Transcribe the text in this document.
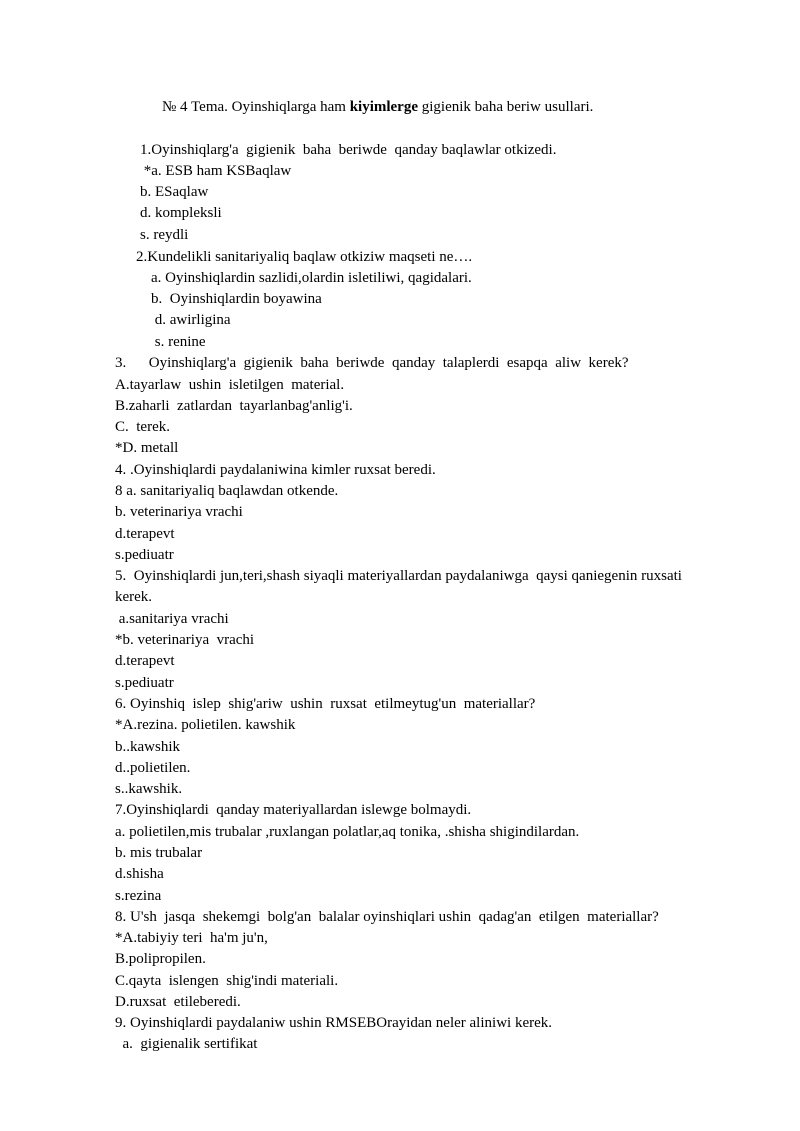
№ 4 Tema. Oyinshiqlarga ham kiyimlerge gigienik baha beriw usullari.
1.Oyinshiqlarg'a  gigienik  baha  beriwde  qanday baqlawlar otkizedi.
*a. ESB ham KSBaqlaw
b. ESaqlaw
d. kompleksli
s. reydli
2.Kundelikli sanitariyaliq baqlaw otkiziw maqseti ne….
a. Oyinshiqlardin sazlidi,olardin isletiliwi, qagidalari.
b.  Oyinshiqlardin boyawina
d. awirligina
s. renine
3.      Oyinshiqlarg'a  gigienik  baha  beriwde  qanday  talaplerdi  esapqa  aliw  kerek?
A.tayarlaw  ushin  isletilgen  material.
B.zaharli  zatlardan  tayarlanbag'anlig'i.
C.  terek.
*D. metall
4. .Oyinshiqlardi paydalaniwina kimler ruxsat beredi.
8 a. sanitariyaliq baqlawdan otkende.
b. veterinariya vrachi
d.terapevt
s.pediuatr
5.  Oyinshiqlardi jun,teri,shash siyaqli materiyallardan paydalaniwga  qaysi qaniegenin ruxsati
kerek.
a.sanitariya vrachi
*b. veterinariya  vrachi
d.terapevt
s.pediuatr
6. Oyinshiq  islep  shig'ariw  ushin  ruxsat  etilmeytug'un  materiallar?
*A.rezina. polietilen. kawshik
b..kawshik
d..polietilen.
s..kawshik.
7.Oyinshiqlardi  qanday materiyallardan islewge bolmaydi.
a. polietilen,mis trubalar ,ruxlangan polatlar,aq tonika, .shisha shigindilardan.
b. mis trubalar
d.shisha
s.rezina
8. U'sh  jasqa  shekemgi  bolg'an  balalar oyinshiqlari ushin  qadag'an  etilgen  materiallar?
*A.tabiyiy teri  ha'm ju'n,
B.polipropilen.
C.qayta  islengen  shig'indi materiali.
D.ruxsat  etileberedi.
9. Oyinshiqlardi paydalaniw ushin RMSEBOrayidan neler aliniwi kerek.
a.  gigienalik sertifikat
